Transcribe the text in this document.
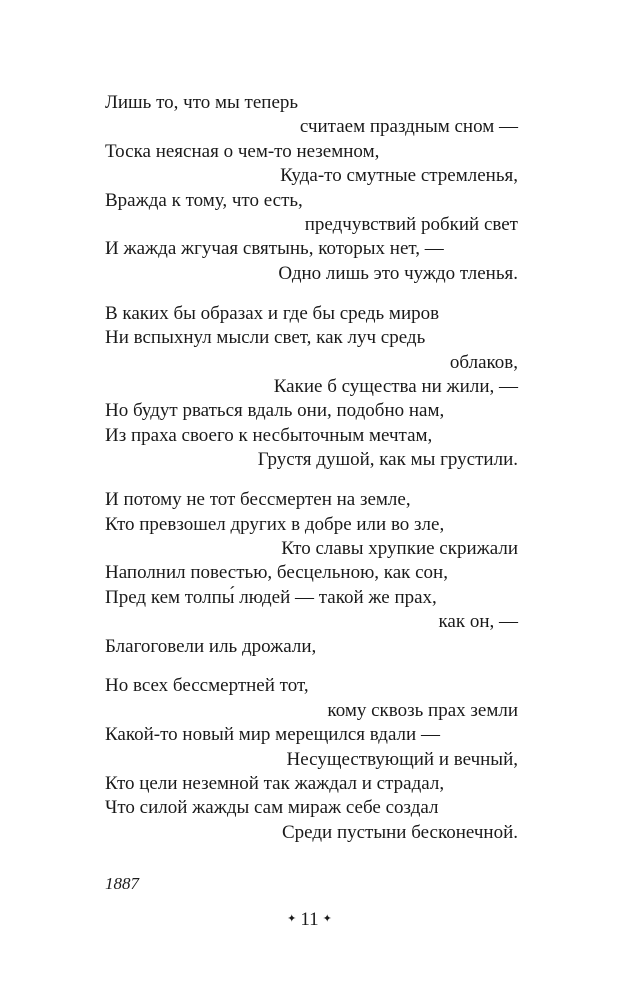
Лишь то, что мы теперь
считаем праздным сном —
Тоска неясная о чем-то неземном,
Куда-то смутные стремленья,
Вражда к тому, что есть,
предчувствий робкий свет
И жажда жгучая святынь, которых нет, —
Одно лишь это чуждо тленья.
В каких бы образах и где бы средь миров
Ни вспыхнул мысли свет, как луч средь
облаков,
Какие б существа ни жили, —
Но будут рваться вдаль они, подобно нам,
Из праха своего к несбыточным мечтам,
Грустя душой, как мы грустили.
И потому не тот бессмертен на земле,
Кто превзошел других в добре или во зле,
Кто славы хрупкие скрижали
Наполнил повестью, бесцельною, как сон,
Пред кем толпы́ людей — такой же прах,
как он, —
Благоговели иль дрожали,
Но всех бессмертней тот,
кому сквозь прах земли
Какой-то новый мир мерещился вдали —
Несуществующий и вечный,
Кто цели неземной так жаждал и страдал,
Что силой жажды сам мираж себе создал
Среди пустыни бесконечной.
1887
✦ 11 ✦
